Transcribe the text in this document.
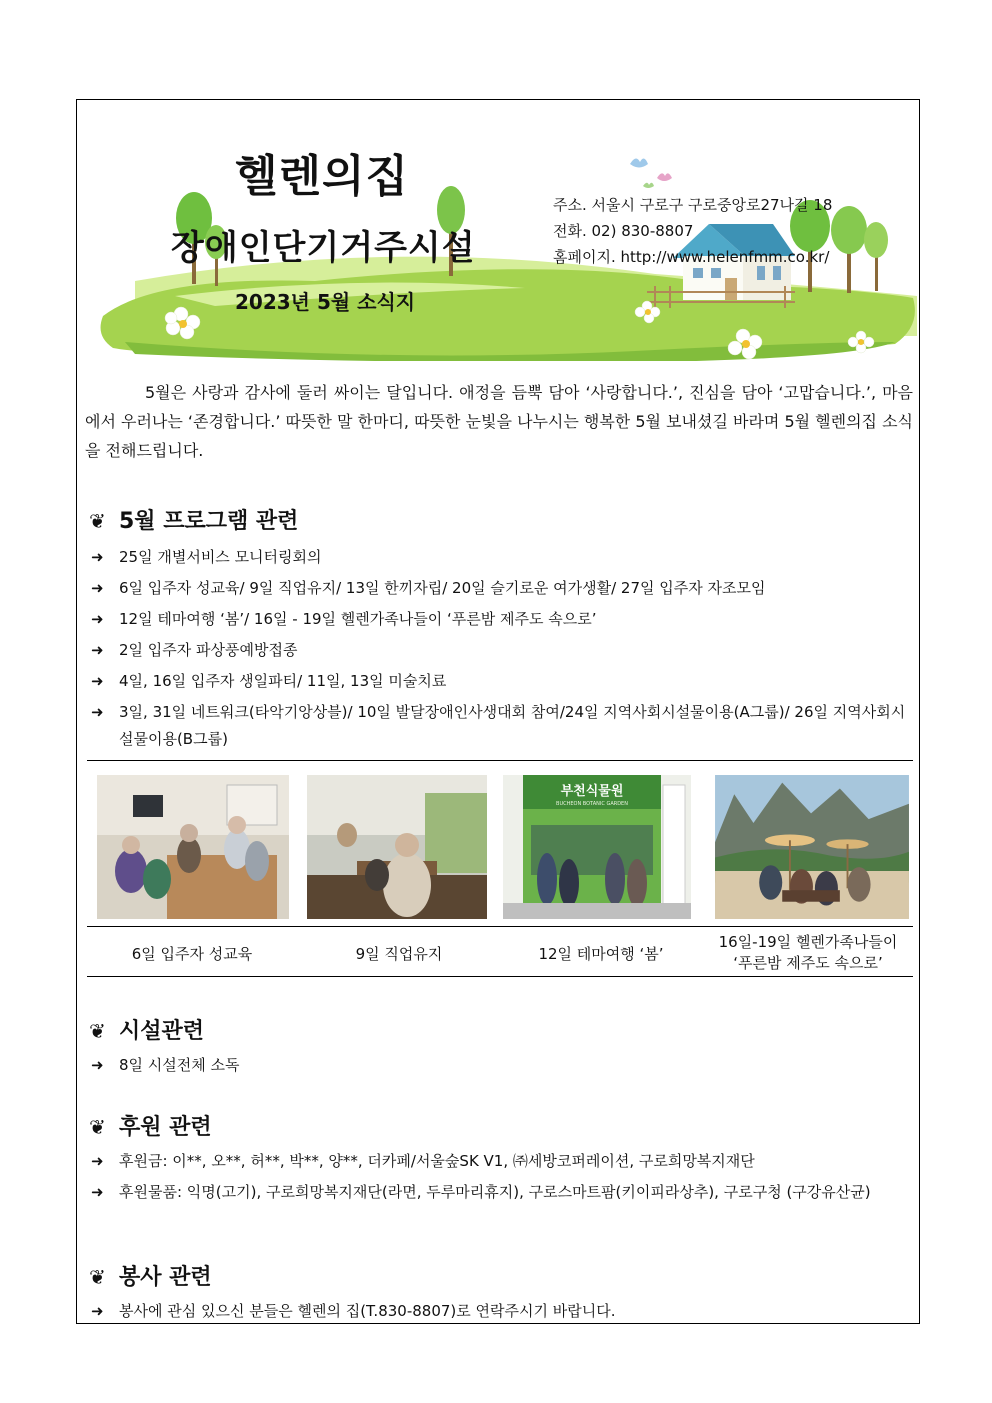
헬렌의집
장애인단기거주시설
2023년 5월 소식지
주소. 서울시 구로구 구로중앙로27나길 18
전화. 02) 830-8807
홈페이지. http://www.helenfmm.co.kr/
5월은 사랑과 감사에 둘러 싸이는 달입니다. 애정을 듬뿍 담아 ‘사랑합니다.’, 진심을 담아 ‘고맙습니다.’, 마음에서 우러나는 ‘존경합니다.’ 따뜻한 말 한마디, 따뜻한 눈빛을 나누시는 행복한 5월 보내셨길 바라며 5월 헬렌의집 소식을 전해드립니다.
❦ 5월 프로그램 관련
➜ 25일 개별서비스 모니터링회의
➜ 6일 입주자 성교육/ 9일 직업유지/ 13일 한끼자립/ 20일 슬기로운 여가생활/ 27일 입주자 자조모임
➜ 12일 테마여행 ‘봄’/ 16일 - 19일 헬렌가족나들이 ‘푸른밤 제주도 속으로’
➜ 2일 입주자 파상풍예방접종
➜ 4일, 16일 입주자 생일파티/ 11일, 13일 미술치료
➜ 3일, 31일 네트워크(타악기앙상블)/ 10일 발달장애인사생대회 참여/24일 지역사회시설물이용(A그룹)/ 26일 지역사회시설물이용(B그룹)
부천식물원
BUCHEON BOTANIC GARDEN
6일 입주자 성교육	9일 직업유지	12일 테마여행 ‘봄’
16일-19일 헬렌가족나들이
‘푸른밤 제주도 속으로’
❦ 시설관련
➜ 8일 시설전체 소독
❦ 후원 관련
➜ 후원금: 이**, 오**, 허**, 박**, 양**, 더카페/서울숲SK V1, ㈜세방코퍼레이션, 구로희망복지재단
➜ 후원물품: 익명(고기), 구로희망복지재단(라면, 두루마리휴지), 구로스마트팜(키이피라상추), 구로구청 (구강유산균)
❦ 봉사 관련
➜ 봉사에 관심 있으신 분들은 헬렌의 집(T.830-8807)로 연락주시기 바랍니다.
